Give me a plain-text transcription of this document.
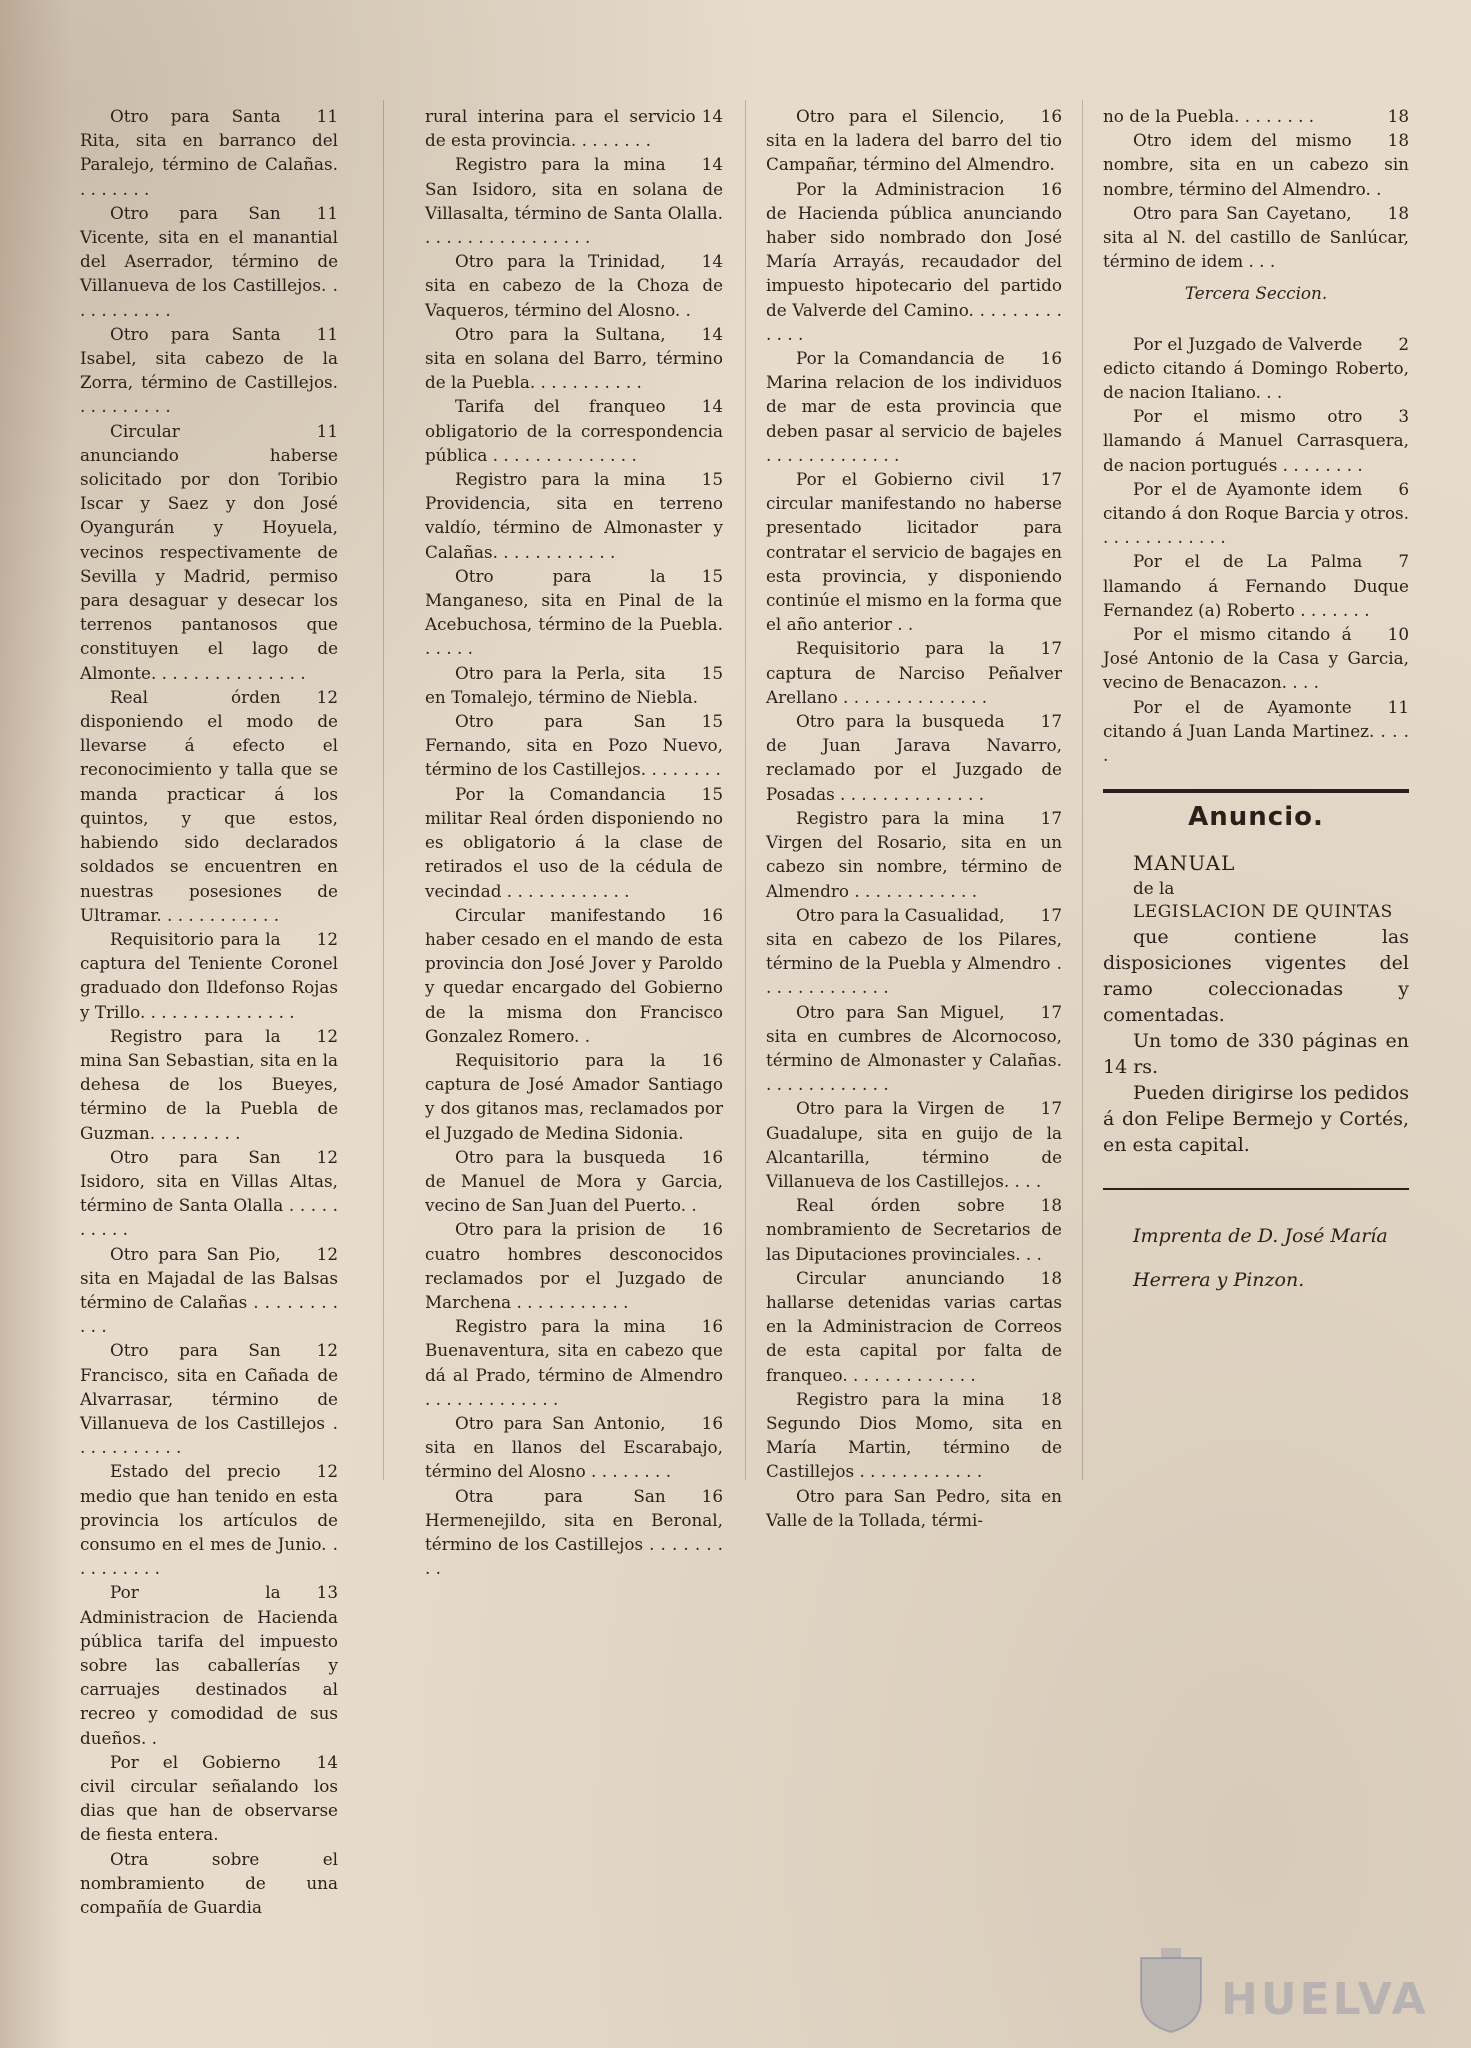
11
Otro para Santa Rita, sita en barranco del Paralejo, término de Calañas. . . . . . . .

11
Otro para San Vicente, sita en el manantial del Aserrador, término de Villanueva de los Castillejos. . . . . . . . . . .

11
Otro para Santa Isabel, sita cabezo de la Zorra, término de Castillejos. . . . . . . . . .

11
Circular anunciando haberse solicitado por don Toribio Iscar y Saez y don José Oyangurán y Hoyuela, vecinos respectivamente de Sevilla y Madrid, permiso para desaguar y desecar los terrenos pantanosos que constituyen el lago de Almonte. . . . . . . . . . . . . . .

12
Real órden disponiendo el modo de llevarse á efecto el reconocimiento y talla que se manda practicar á los quintos, y que estos, habiendo sido declarados soldados se encuentren en nuestras posesiones de Ultramar. . . . . . . . . . . .

12
Requisitorio para la captura del Teniente Coronel graduado don Ildefonso Rojas y Trillo. . . . . . . . . . . . . . .

12
Registro para la mina San Sebastian, sita en la dehesa de los Bueyes, término de la Puebla de Guzman. . . . . . . . .

12
Otro para San Isidoro, sita en Villas Altas, término de Santa Olalla . . . . . . . . . .

12
Otro para San Pio, sita en Majadal de las Balsas término de Calañas . . . . . . . . . . .

12
Otro para San Francisco, sita en Cañada de Alvarrasar, término de Villanueva de los Castillejos . . . . . . . . . . .

12
Estado del precio medio que han tenido en esta provincia los artículos de consumo en el mes de Junio. . . . . . . . . .

13
Por la Administracion de Hacienda pública tarifa del impuesto sobre las caballerías y carruajes destinados al recreo y comodidad de sus dueños. .

14
Por el Gobierno civil circular señalando los dias que han de observarse de fiesta entera.

Otra sobre el nombramiento de una compañía de Guardia

14
rural interina para el servicio de esta provincia. . . . . . . .

14
Registro para la mina San Isidoro, sita en solana de Villasalta, término de Santa Olalla. . . . . . . . . . . . . . . . .

14
Otro para la Trinidad, sita en cabezo de la Choza de Vaqueros, término del Alosno. .

14
Otro para la Sultana, sita en solana del Barro, término de la Puebla. . . . . . . . . . .

14
Tarifa del franqueo obligatorio de la correspondencia pública . . . . . . . . . . . . . .

15
Registro para la mina Providencia, sita en terreno valdío, término de Almonaster y Calañas. . . . . . . . . . . .

15
Otro para la Manganeso, sita en Pinal de la Acebuchosa, término de la Puebla. . . . . .

15
Otro para la Perla, sita en Tomalejo, término de Niebla.

15
Otro para San Fernando, sita en Pozo Nuevo, término de los Castillejos. . . . . . . .

15
Por la Comandancia militar Real órden disponiendo no es obligatorio á la clase de retirados el uso de la cédula de vecindad . . . . . . . . . . . .

16
Circular manifestando haber cesado en el mando de esta provincia don José Jover y Paroldo y quedar encargado del Gobierno de la misma don Francisco Gonzalez Romero. .

16
Requisitorio para la captura de José Amador Santiago y dos gitanos mas, reclamados por el Juzgado de Medina Sidonia.

16
Otro para la busqueda de Manuel de Mora y Garcia, vecino de San Juan del Puerto. .

16
Otro para la prision de cuatro hombres desconocidos reclamados por el Juzgado de Marchena . . . . . . . . . . .

16
Registro para la mina Buenaventura, sita en cabezo que dá al Prado, término de Almendro . . . . . . . . . . . . .

16
Otro para San Antonio, sita en llanos del Escarabajo, término del Alosno . . . . . . . .

16
Otra para San Hermenejildo, sita en Beronal, término de los Castillejos . . . . . . . . .

16
Otro para el Silencio, sita en la ladera del barro del tio Campañar, término del Almendro.

16
Por la Administracion de Hacienda pública anunciando haber sido nombrado don José María Arrayás, recaudador del impuesto hipotecario del partido de Valverde del Camino. . . . . . . . . . . . .

16
Por la Comandancia de Marina relacion de los individuos de mar de esta provincia que deben pasar al servicio de bajeles . . . . . . . . . . . . .

17
Por el Gobierno civil circular manifestando no haberse presentado licitador para contratar el servicio de bagajes en esta provincia, y disponiendo continúe el mismo en la forma que el año anterior . .

17
Requisitorio para la captura de Narciso Peñalver Arellano . . . . . . . . . . . . . .

17
Otro para la busqueda de Juan Jarava Navarro, reclamado por el Juzgado de Posadas . . . . . . . . . . . . . .

17
Registro para la mina Virgen del Rosario, sita en un cabezo sin nombre, término de Almendro . . . . . . . . . . . .

17
Otro para la Casualidad, sita en cabezo de los Pilares, término de la Puebla y Almendro . . . . . . . . . . . . .

17
Otro para San Miguel, sita en cumbres de Alcornocoso, término de Almonaster y Calañas. . . . . . . . . . . . .

17
Otro para la Virgen de Guadalupe, sita en guijo de la Alcantarilla, término de Villanueva de los Castillejos. . . .

18
Real órden sobre nombramiento de Secretarios de las Diputaciones provinciales. . .

18
Circular anunciando hallarse detenidas varias cartas en la Administracion de Correos de esta capital por falta de franqueo. . . . . . . . . . . . .

18
Registro para la mina Segundo Dios Momo, sita en María Martin, término de Castillejos . . . . . . . . . . . .

Otro para San Pedro, sita en Valle de la Tollada, térmi-

18
no de la Puebla. . . . . . . .

18
Otro idem del mismo nombre, sita en un cabezo sin nombre, término del Almendro. .

18
Otro para San Cayetano, sita al N. del castillo de Sanlúcar, término de idem . . .

Tercera Seccion.

2
Por el Juzgado de Valverde edicto citando á Domingo Roberto, de nacion Italiano. . .

3
Por el mismo otro llamando á Manuel Carrasquera, de nacion portugués . . . . . . . .

6
Por el de Ayamonte idem citando á don Roque Barcia y otros. . . . . . . . . . . . .

7
Por el de La Palma llamando á Fernando Duque Fernandez (a) Roberto . . . . . . .

10
Por el mismo citando á José Antonio de la Casa y Garcia, vecino de Benacazon. . . .

11
Por el de Ayamonte citando á Juan Landa Martinez. . . . .

Anuncio.

MANUAL

de la

LEGISLACION DE QUINTAS

que contiene las disposiciones vigentes del ramo coleccionadas y comentadas.

Un tomo de 330 páginas en 14 rs.

Pueden dirigirse los pedidos á don Felipe Bermejo y Cortés, en esta capital.

Imprenta de D. José María

Herrera y Pinzon.

HUELVA
